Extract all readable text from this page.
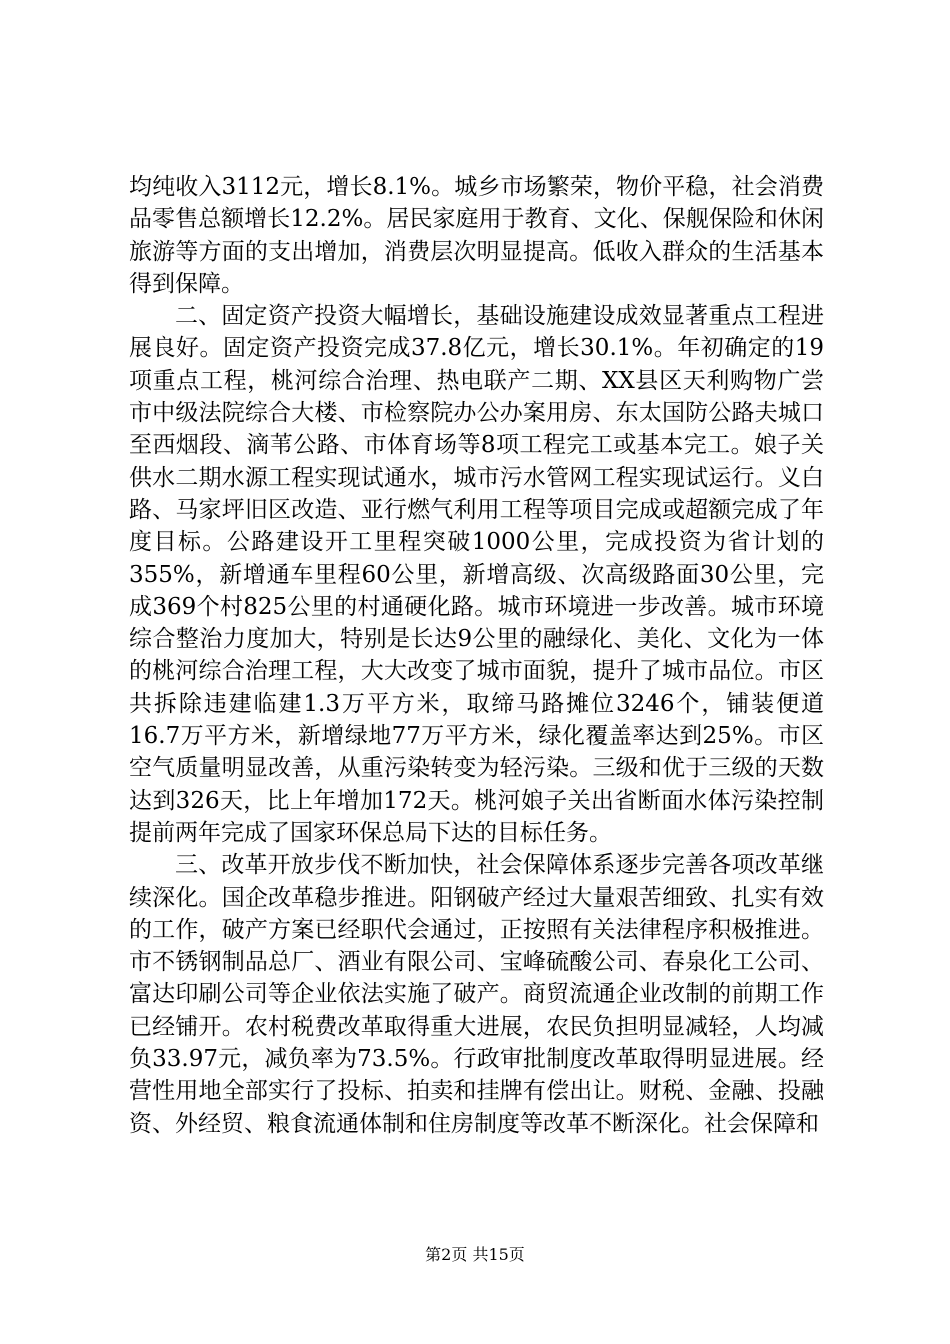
均纯收入3112元，增长8.1%。城乡市场繁荣，物价平稳，社会消费品零售总额增长12.2%。居民家庭用于教育、文化、保舰保险和休闲旅游等方面的支出增加，消费层次明显提高。低收入群众的生活基本得到保障。

二、固定资产投资大幅增长，基础设施建设成效显著重点工程进展良好。固定资产投资完成37.8亿元，增长30.1%。年初确定的19项重点工程，桃河综合治理、热电联产二期、XX县区天利购物广尝市中级法院综合大楼、市检察院办公办案用房、东太国防公路夫城口至西烟段、滴苇公路、市体育场等8项工程完工或基本完工。娘子关供水二期水源工程实现试通水，城市污水管网工程实现试运行。义白路、马家坪旧区改造、亚行燃气利用工程等项目完成或超额完成了年度目标。公路建设开工里程突破1000公里，完成投资为省计划的355%，新增通车里程60公里，新增高级、次高级路面30公里，完成369个村825公里的村通硬化路。城市环境进一步改善。城市环境综合整治力度加大，特别是长达9公里的融绿化、美化、文化为一体的桃河综合治理工程，大大改变了城市面貌，提升了城市品位。市区共拆除违建临建1.3万平方米，取缔马路摊位3246个，铺装便道16.7万平方米，新增绿地77万平方米，绿化覆盖率达到25%。市区空气质量明显改善，从重污染转变为轻污染。三级和优于三级的天数达到326天，比上年增加172天。桃河娘子关出省断面水体污染控制提前两年完成了国家环保总局下达的目标任务。

三、改革开放步伐不断加快，社会保障体系逐步完善各项改革继续深化。国企改革稳步推进。阳钢破产经过大量艰苦细致、扎实有效的工作，破产方案已经职代会通过，正按照有关法律程序积极推进。市不锈钢制品总厂、酒业有限公司、宝峰硫酸公司、春泉化工公司、富达印刷公司等企业依法实施了破产。商贸流通企业改制的前期工作已经铺开。农村税费改革取得重大进展，农民负担明显减轻，人均减负33.97元，减负率为73.5%。行政审批制度改革取得明显进展。经营性用地全部实行了投标、拍卖和挂牌有偿出让。财税、金融、投融资、外经贸、粮食流通体制和住房制度等改革不断深化。社会保障和

第2页 共15页
